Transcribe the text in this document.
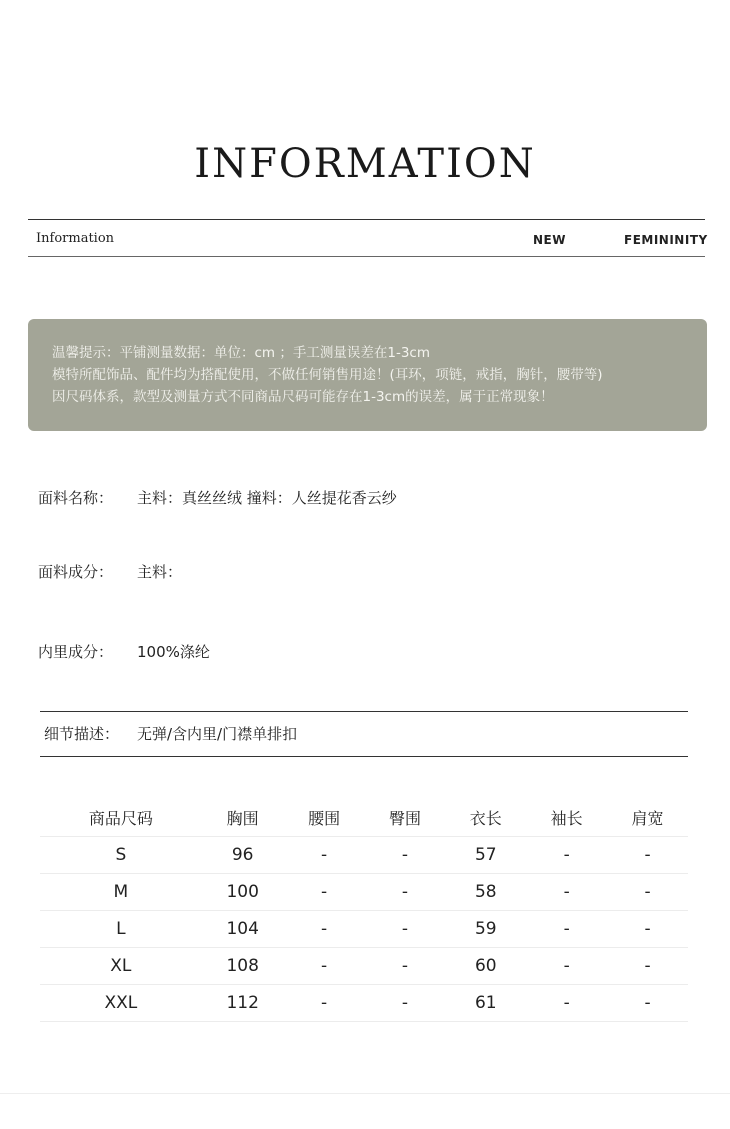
INFORMATION
Information	NEW	FEMININITY

温馨提示：平铺测量数据：单位：cm ；手工测量误差在1-3cm

模特所配饰品、配件均为搭配使用，不做任何销售用途！(耳环，项链，戒指，胸针，腰带等)

因尺码体系，款型及测量方式不同商品尺码可能存在1-3cm的误差，属于正常现象！

面料名称： 主料：真丝丝绒 撞料：人丝提花香云纱
面料成分： 主料：
内里成分： 100%涤纶
细节描述： 无弹/含内里/门襟单排扣
商品尺码	胸围	腰围	臀围	衣长	袖长	肩宽
S	96	-	-	57	-	-
M	100	-	-	58	-	-
L	104	-	-	59	-	-
XL	108	-	-	60	-	-
XXL	112	-	-	61	-	-
